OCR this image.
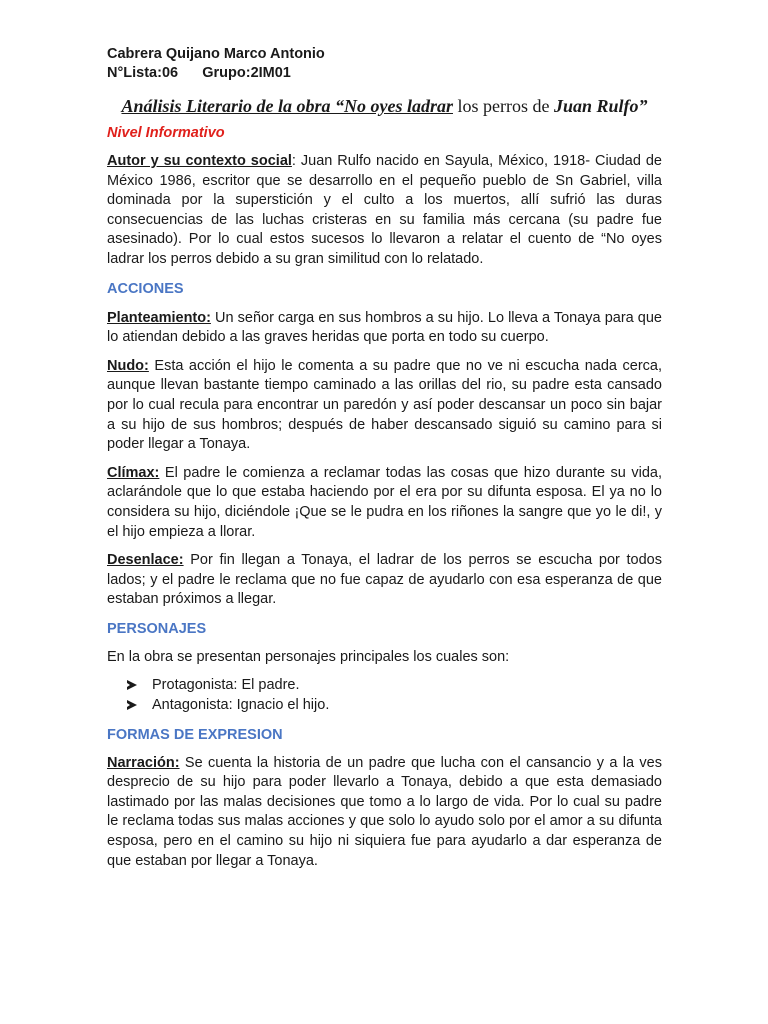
Cabrera Quijano Marco Antonio

N°Lista:06 Grupo:2IM01

Análisis Literario de la obra “No oyes ladrar los perros de Juan Rulfo”

Nivel Informativo

Autor y su contexto social: Juan Rulfo nacido en Sayula, México, 1918- Ciudad de México 1986, escritor que se desarrollo en el pequeño pueblo de Sn Gabriel, villa dominada por la superstición y el culto a los muertos, allí sufrió las duras consecuencias de las luchas cristeras en su familia más cercana (su padre fue asesinado). Por lo cual estos sucesos lo llevaron a relatar el cuento de “No oyes ladrar los perros debido a su gran similitud con lo relatado.

ACCIONES

Planteamiento: Un señor carga en sus hombros a su hijo. Lo lleva a Tonaya para que lo atiendan debido a las graves heridas que porta en todo su cuerpo.

Nudo: Esta acción el hijo le comenta a su padre que no ve ni escucha nada cerca, aunque llevan bastante tiempo caminado a las orillas del rio, su padre esta cansado por lo cual recula para encontrar un paredón y así poder descansar un poco sin bajar a su hijo de sus hombros; después de haber descansado siguió su camino para si poder llegar a Tonaya.

Clímax: El padre le comienza a reclamar todas las cosas que hizo durante su vida, aclarándole que lo que estaba haciendo por el era por su difunta esposa. El ya no lo considera su hijo, diciéndole ¡Que se le pudra en los riñones la sangre que yo le di!, y el hijo empieza a llorar.

Desenlace: Por fin llegan a Tonaya, el ladrar de los perros se escucha por todos lados; y el padre le reclama que no fue capaz de ayudarlo con esa esperanza de que estaban próximos a llegar.

PERSONAJES

En la obra se presentan personajes principales los cuales son:

Protagonista: El padre.
Antagonista: Ignacio el hijo.

FORMAS DE EXPRESION

Narración: Se cuenta la historia de un padre que lucha con el cansancio y a la ves desprecio de su hijo para poder llevarlo a Tonaya, debido a que esta demasiado lastimado por las malas decisiones que tomo a lo largo de vida. Por lo cual su padre le reclama todas sus malas acciones y que solo lo ayudo solo por el amor a su difunta esposa, pero en el camino su hijo ni siquiera fue para ayudarlo a dar esperanza de que estaban por llegar a Tonaya.
